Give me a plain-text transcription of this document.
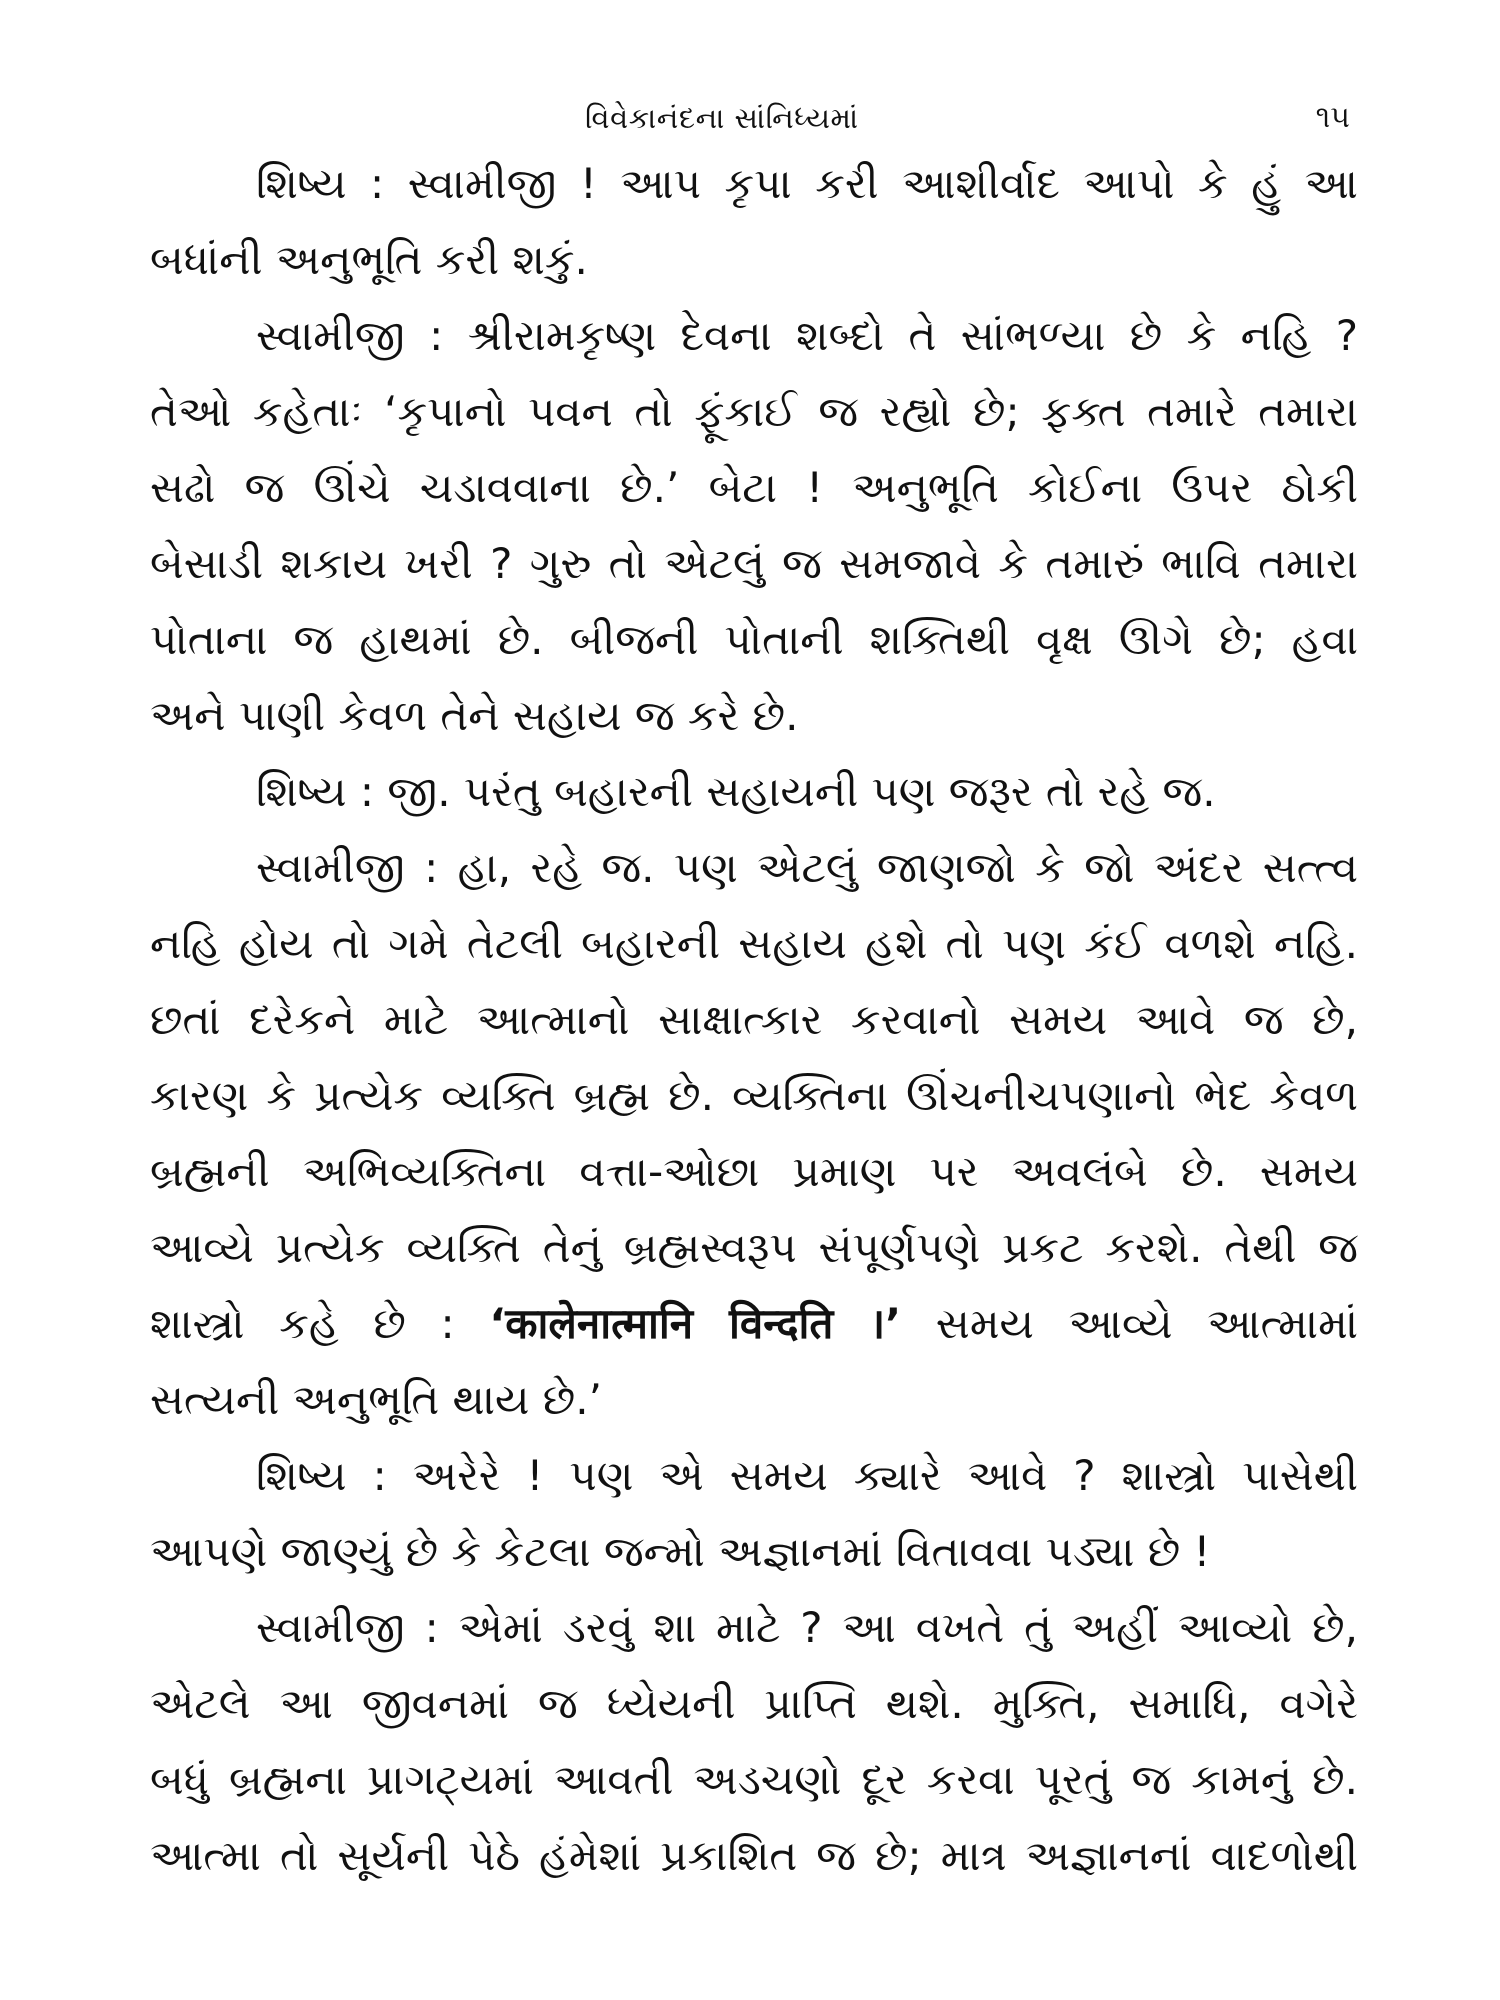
વિવેકાનંદના સાંનિધ્યમાં	૧૫
શિષ્ય : સ્વામીજી ! આપ કૃપા કરી આશીર્વાદ આપો કે હું આ
બધાંની અનુભૂતિ કરી શકું.
સ્વામીજી : શ્રીરામકૃષ્ણ દેવના શબ્દો તે સાંભળ્યા છે કે નહિ ?
તેઓ કહેતાઃ ‘કૃપાનો પવન તો ફૂંકાઈ જ રહ્યો છે; ફક્ત તમારે તમારા
સઢો જ ઊંચે ચડાવવાના છે.’ બેટા ! અનુભૂતિ કોઈના ઉપર ઠોકી
બેસાડી શકાય ખરી ? ગુરુ તો એટલું જ સમજાવે કે તમારું ભાવિ તમારા
પોતાના જ હાથમાં છે. બીજની પોતાની શક્તિથી વૃક્ષ ઊગે છે; હવા
અને પાણી કેવળ તેને સહાય જ કરે છે.
શિષ્ય : જી. પરંતુ બહારની સહાયની પણ જરૂર તો રહે જ.
સ્વામીજી : હા, રહે જ. પણ એટલું જાણજો કે જો અંદર સત્ત્વ
નહિ હોય તો ગમે તેટલી બહારની સહાય હશે તો પણ કંઈ વળશે નહિ.
છતાં દરેકને માટે આત્માનો સાક્ષાત્કાર કરવાનો સમય આવે જ છે,
કારણ કે પ્રત્યેક વ્યક્તિ બ્રહ્મ છે. વ્યક્તિના ઊંચનીચપણાનો ભેદ કેવળ
બ્રહ્મની અભિવ્યક્તિના વત્તા-ઓછા પ્રમાણ પર અવલંબે છે. સમય
આવ્યે પ્રત્યેક વ્યક્તિ તેનું બ્રહ્મસ્વરૂપ સંપૂર્ણપણે પ્રકટ કરશે. તેથી જ
શાસ્ત્રો કહે છે : ‘कालेनात्मानि विन्दति ।’ સમય આવ્યે આત્મામાં
સત્યની અનુભૂતિ થાય છે.’
શિષ્ય : અરેરે ! પણ એ સમય ક્યારે આવે ? શાસ્ત્રો પાસેથી
આપણે જાણ્યું છે કે કેટલા જન્મો અજ્ઞાનમાં વિતાવવા પડ્યા છે !
સ્વામીજી : એમાં ડરવું શા માટે ? આ વખતે તું અહીં આવ્યો છે,
એટલે આ જીવનમાં જ ધ્યેયની પ્રાપ્તિ થશે. મુક્તિ, સમાધિ, વગેરે
બધું બ્રહ્મના પ્રાગટ્યમાં આવતી અડચણો દૂર કરવા પૂરતું જ કામનું છે.
આત્મા તો સૂર્યની પેઠે હંમેશાં પ્રકાશિત જ છે; માત્ર અજ્ઞાનનાં વાદળોથી
